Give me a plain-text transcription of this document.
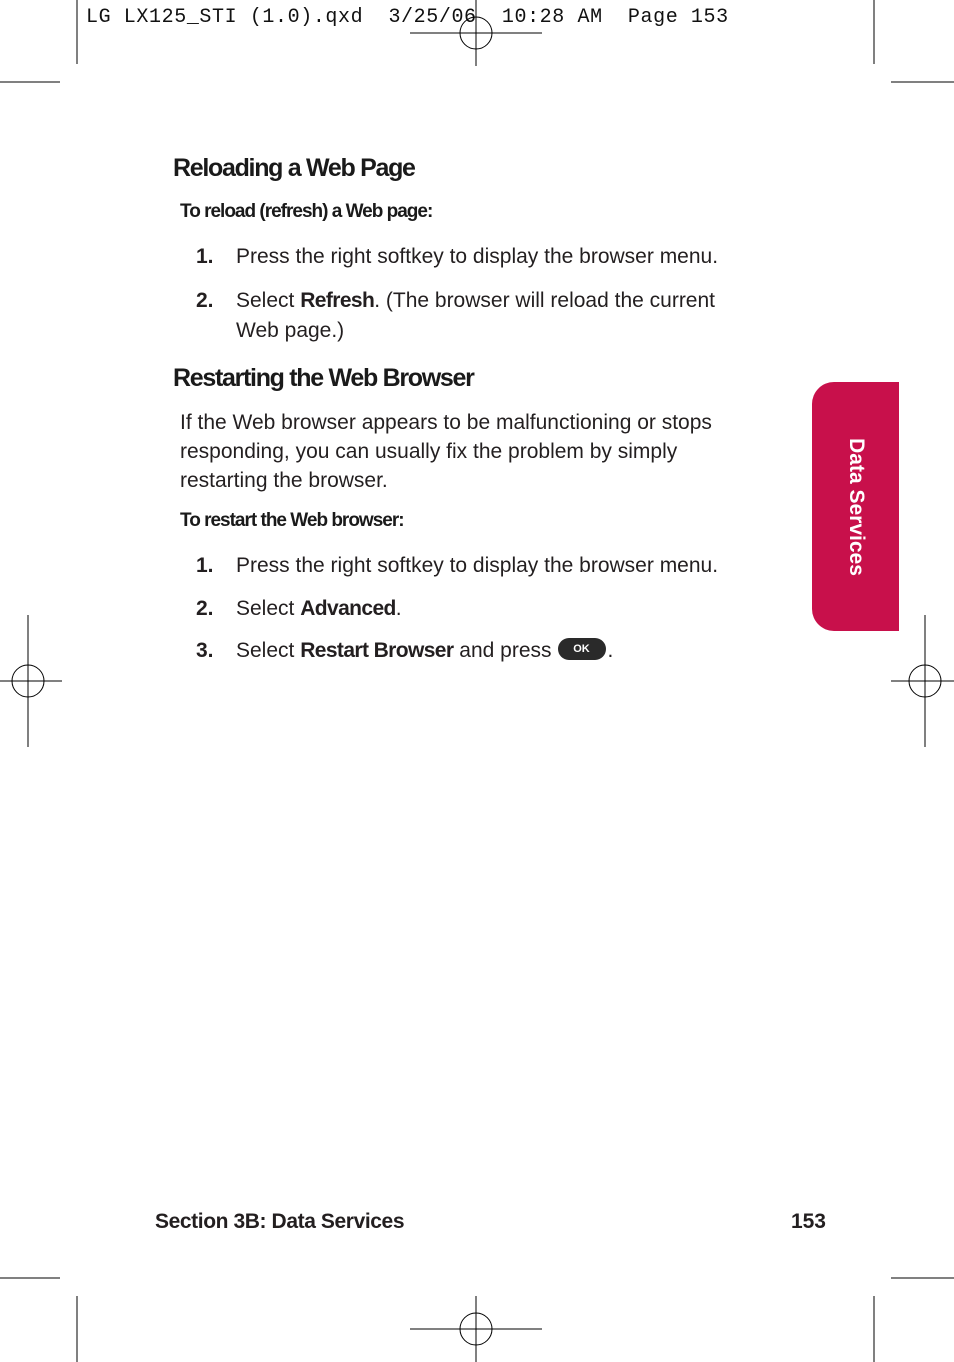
LG LX125_STI (1.0).qxd  3/25/06  10:28 AM  Page 153
Reloading a Web Page

To reload (refresh) a Web page:

1. Press the right softkey to display the browser menu.
2. Select Refresh. (The browser will reload the current Web page.)
Restarting the Web Browser

If the Web browser appears to be malfunctioning or stops responding, you can usually fix the problem by simply restarting the browser.

To restart the Web browser:

1. Press the right softkey to display the browser menu.
2. Select Advanced.
3. Select Restart Browser and press OK .
Data Services
Section 3B: Data Services	153
